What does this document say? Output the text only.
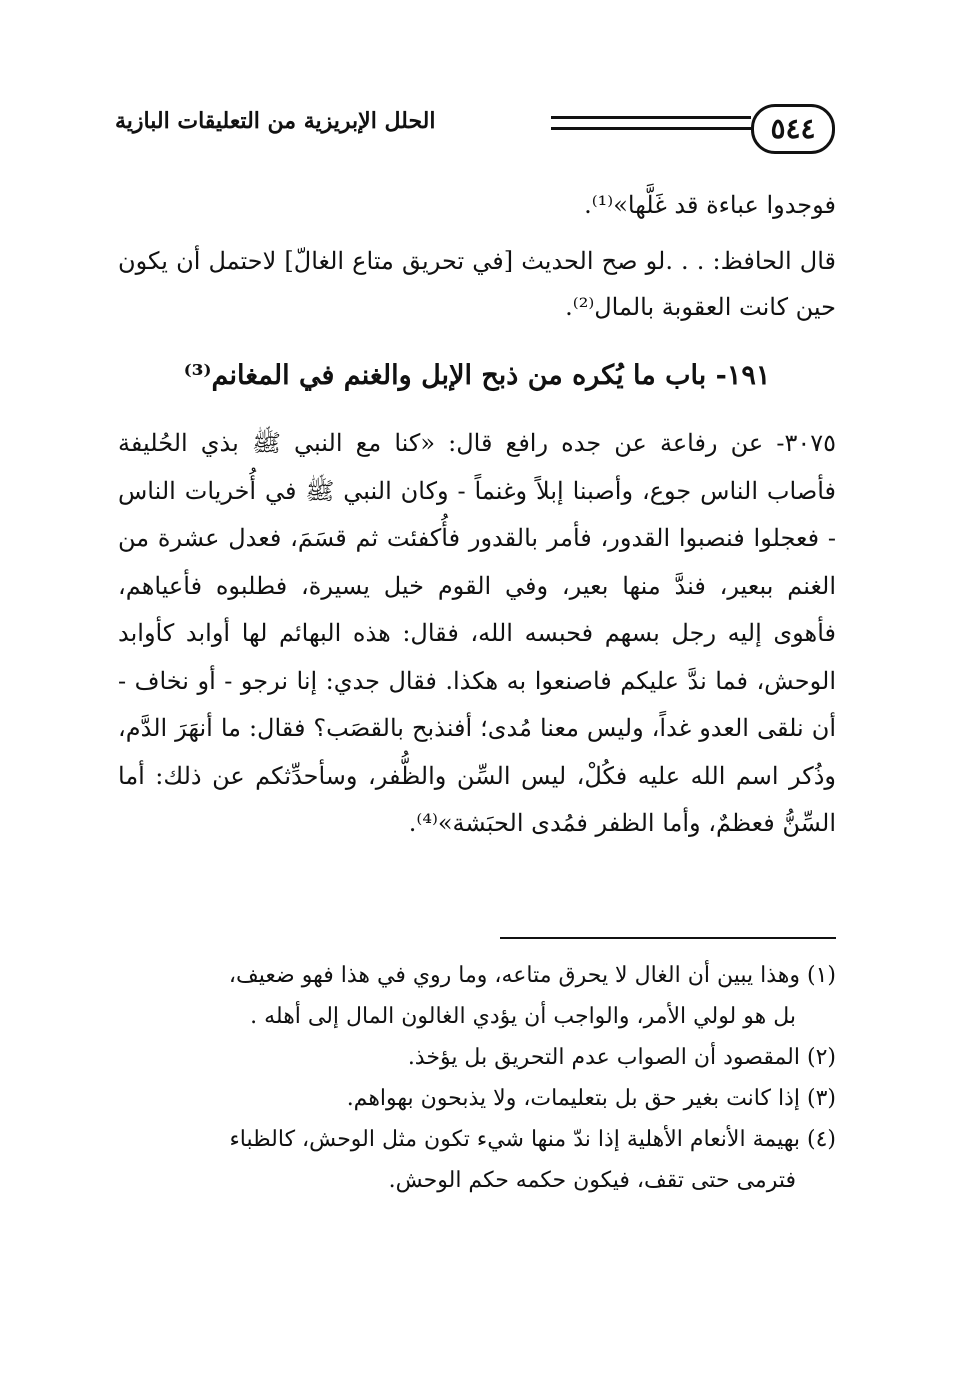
٥٤٤
الحلل الإبريزية من التعليقات البازية

فوجدوا عباءة قد غَلَّها»⁽¹⁾.

قال الحافظ: . . .لو صح الحديث [في تحريق متاع الغالّ] لاحتمل أن يكون حين كانت العقوبة بالمال⁽²⁾.

١٩١- باب ما يُكره من ذبح الإبل والغنم في المغانم⁽³⁾

٣٠٧٥- عن رفاعة عن جده رافع قال: «كنا مع النبي ﷺ بذي الحُليفة فأصاب الناس جوع، وأصبنا إبلاً وغنماً - وكان النبي ﷺ في أُخريات الناس - فعجلوا فنصبوا القدور، فأمر بالقدور فأُكفئت ثم قسَمَ، فعدل عشرة من الغنم ببعير، فندَّ منها بعير، وفي القوم خيل يسيرة، فطلبوه فأعياهم، فأهوى إليه رجل بسهم فحبسه الله، فقال: هذه البهائم لها أوابد كأوابد الوحش، فما ندَّ عليكم فاصنعوا به هكذا. فقال جدي: إنا نرجو - أو نخاف - أن نلقى العدو غداً، وليس معنا مُدى؛ أفنذبح بالقصَب؟ فقال: ما أنهَرَ الدَّم، وذُكر اسم الله عليه فكُلْ، ليس السِّن والظُّفر، وسأحدِّثكم عن ذلك: أما السِّنُّ فعظمٌ، وأما الظفر فمُدى الحبَشة»⁽⁴⁾.

(١) وهذا يبين أن الغال لا يحرق متاعه، وما روي في هذا فهو ضعيف،

بل هو لولي الأمر، والواجب أن يؤدي الغالون المال إلى أهله .

(٢) المقصود أن الصواب عدم التحريق بل يؤخذ.

(٣) إذا كانت بغير حق بل بتعليمات، ولا يذبحون بهواهم.

(٤) بهيمة الأنعام الأهلية إذا ندّ منها شيء تكون مثل الوحش، كالظباء

فترمى حتى تقف، فيكون حكمه حكم الوحش.
